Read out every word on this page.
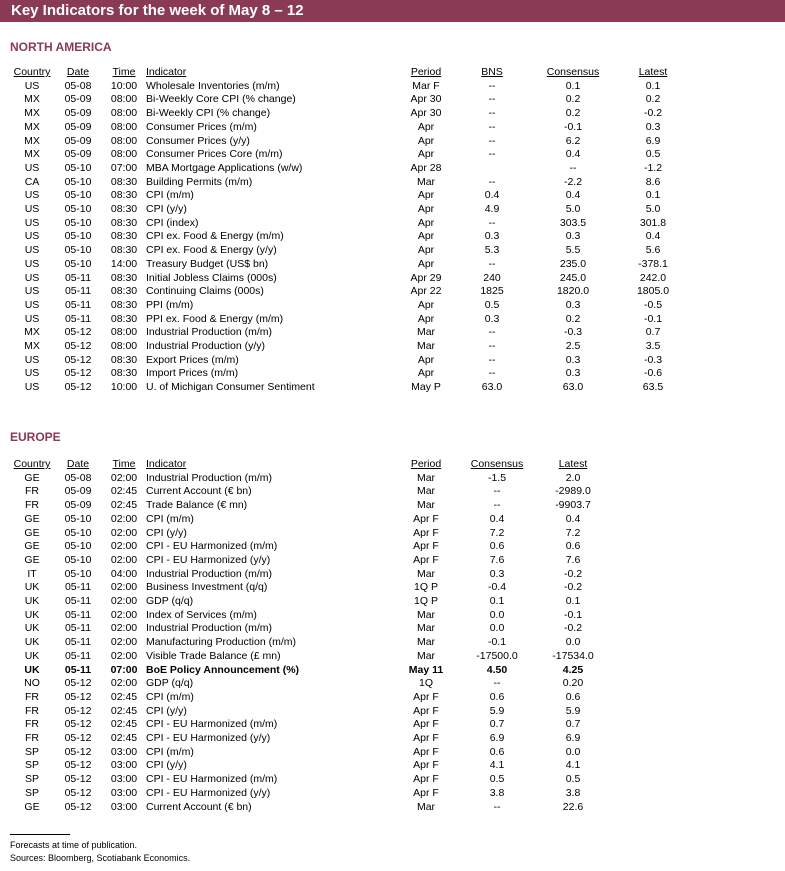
Key Indicators for the week of May 8 – 12
NORTH AMERICA
Country	Date	Time	Indicator	Period	BNS	Consensus	Latest
US	05-08	10:00	Wholesale Inventories (m/m)	Mar F	--	0.1	0.1
MX	05-09	08:00	Bi-Weekly Core CPI (% change)	Apr 30	--	0.2	0.2
MX	05-09	08:00	Bi-Weekly CPI (% change)	Apr 30	--	0.2	-0.2
MX	05-09	08:00	Consumer Prices (m/m)	Apr	--	-0.1	0.3
MX	05-09	08:00	Consumer Prices (y/y)	Apr	--	6.2	6.9
MX	05-09	08:00	Consumer Prices Core (m/m)	Apr	--	0.4	0.5
US	05-10	07:00	MBA Mortgage Applications (w/w)	Apr 28		--	-1.2
CA	05-10	08:30	Building Permits (m/m)	Mar	--	-2.2	8.6
US	05-10	08:30	CPI (m/m)	Apr	0.4	0.4	0.1
US	05-10	08:30	CPI (y/y)	Apr	4.9	5.0	5.0
US	05-10	08:30	CPI (index)	Apr	--	303.5	301.8
US	05-10	08:30	CPI ex. Food & Energy (m/m)	Apr	0.3	0.3	0.4
US	05-10	08:30	CPI ex. Food & Energy (y/y)	Apr	5.3	5.5	5.6
US	05-10	14:00	Treasury Budget (US$ bn)	Apr	--	235.0	-378.1
US	05-11	08:30	Initial Jobless Claims (000s)	Apr 29	240	245.0	242.0
US	05-11	08:30	Continuing Claims (000s)	Apr 22	1825	1820.0	1805.0
US	05-11	08:30	PPI (m/m)	Apr	0.5	0.3	-0.5
US	05-11	08:30	PPI ex. Food & Energy (m/m)	Apr	0.3	0.2	-0.1
MX	05-12	08:00	Industrial Production (m/m)	Mar	--	-0.3	0.7
MX	05-12	08:00	Industrial Production (y/y)	Mar	--	2.5	3.5
US	05-12	08:30	Export Prices (m/m)	Apr	--	0.3	-0.3
US	05-12	08:30	Import Prices (m/m)	Apr	--	0.3	-0.6
US	05-12	10:00	U. of Michigan Consumer Sentiment	May P	63.0	63.0	63.5
EUROPE
Country	Date	Time	Indicator	Period	Consensus	Latest
GE	05-08	02:00	Industrial Production (m/m)	Mar	-1.5	2.0
FR	05-09	02:45	Current Account (€ bn)	Mar	--	-2989.0
FR	05-09	02:45	Trade Balance (€ mn)	Mar	--	-9903.7
GE	05-10	02:00	CPI (m/m)	Apr F	0.4	0.4
GE	05-10	02:00	CPI (y/y)	Apr F	7.2	7.2
GE	05-10	02:00	CPI - EU Harmonized (m/m)	Apr F	0.6	0.6
GE	05-10	02:00	CPI - EU Harmonized (y/y)	Apr F	7.6	7.6
IT	05-10	04:00	Industrial Production (m/m)	Mar	0.3	-0.2
UK	05-11	02:00	Business Investment (q/q)	1Q P	-0.4	-0.2
UK	05-11	02:00	GDP (q/q)	1Q P	0.1	0.1
UK	05-11	02:00	Index of Services (m/m)	Mar	0.0	-0.1
UK	05-11	02:00	Industrial Production (m/m)	Mar	0.0	-0.2
UK	05-11	02:00	Manufacturing Production (m/m)	Mar	-0.1	0.0
UK	05-11	02:00	Visible Trade Balance (£ mn)	Mar	-17500.0	-17534.0
UK	05-11	07:00	BoE Policy Announcement (%)	May 11	4.50	4.25
NO	05-12	02:00	GDP (q/q)	1Q	--	0.20
FR	05-12	02:45	CPI (m/m)	Apr F	0.6	0.6
FR	05-12	02:45	CPI (y/y)	Apr F	5.9	5.9
FR	05-12	02:45	CPI - EU Harmonized (m/m)	Apr F	0.7	0.7
FR	05-12	02:45	CPI - EU Harmonized (y/y)	Apr F	6.9	6.9
SP	05-12	03:00	CPI (m/m)	Apr F	0.6	0.0
SP	05-12	03:00	CPI (y/y)	Apr F	4.1	4.1
SP	05-12	03:00	CPI - EU Harmonized (m/m)	Apr F	0.5	0.5
SP	05-12	03:00	CPI - EU Harmonized (y/y)	Apr F	3.8	3.8
GE	05-12	03:00	Current Account (€ bn)	Mar	--	22.6
Forecasts at time of publication.
Sources: Bloomberg, Scotiabank Economics.
